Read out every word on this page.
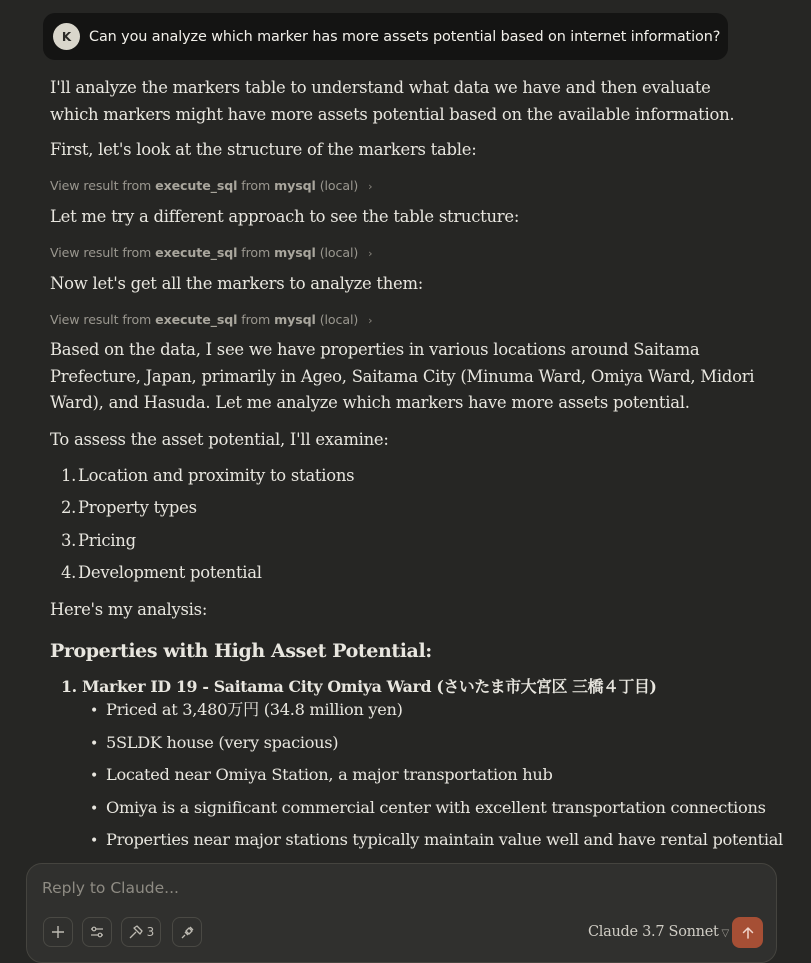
K	Can you analyze which marker has more assets potential based on internet information?
I'll analyze the markers table to understand what data we have and then evaluate which markers might have more assets potential based on the available information.
First, let's look at the structure of the markers table:
View result from execute_sql from mysql (local) ›
Let me try a different approach to see the table structure:
View result from execute_sql from mysql (local) ›
Now let's get all the markers to analyze them:
View result from execute_sql from mysql (local) ›
Based on the data, I see we have properties in various locations around Saitama Prefecture, Japan, primarily in Ageo, Saitama City (Minuma Ward, Omiya Ward, Midori Ward), and Hasuda. Let me analyze which markers have more assets potential.
To assess the asset potential, I'll examine:
1. Location and proximity to stations
2. Property types
3. Pricing
4. Development potential
Here's my analysis:
Properties with High Asset Potential:
1. Marker ID 19 - Saitama City Omiya Ward (さいたま市大宮区 三橋４丁目)
• Priced at 3,480万円 (34.8 million yen)
• 5SLDK house (very spacious)
• Located near Omiya Station, a major transportation hub
• Omiya is a significant commercial center with excellent transportation connections
• Properties near major stations typically maintain value well and have rental potential
Reply to Claude...
3	Claude 3.7 Sonnet ▽
